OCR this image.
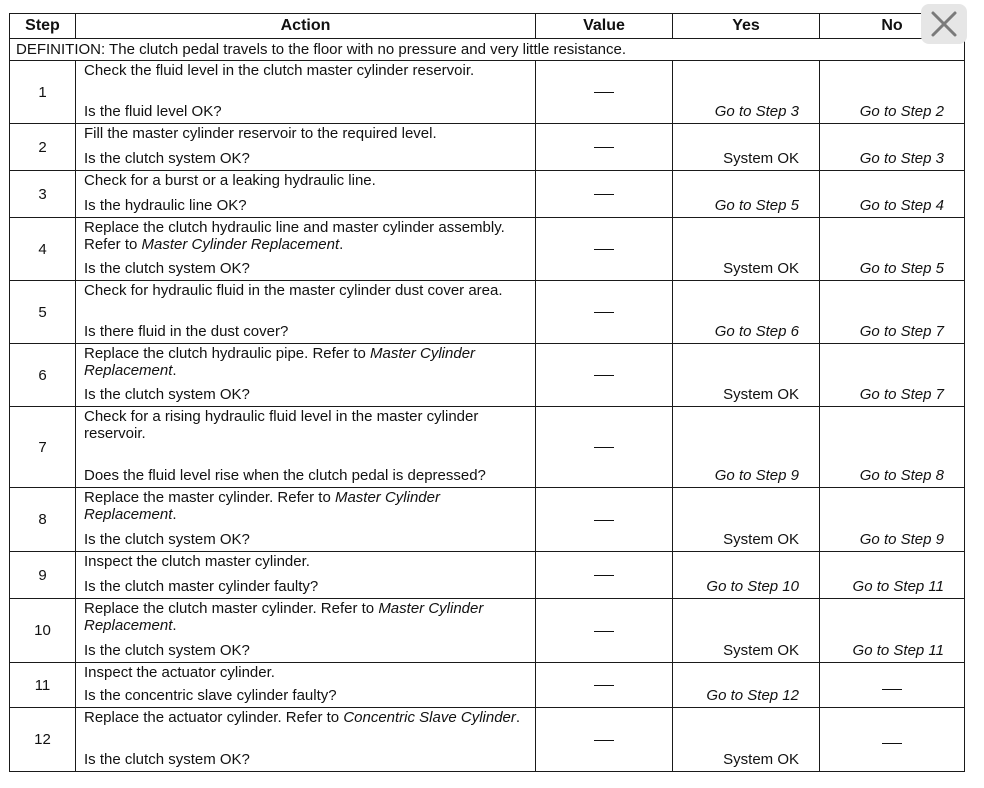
Step	Action	Value	Yes	No
DEFINITION: The clutch pedal travels to the floor with no pressure and very little resistance.				
1	Check the fluid level in the clutch master cylinder reservoir.
Is the fluid level OK?		Go to Step 3	Go to Step 2
2	Fill the master cylinder reservoir to the required level.
Is the clutch system OK?		System OK	Go to Step 3
3	Check for a burst or a leaking hydraulic line.
Is the hydraulic line OK?		Go to Step 5	Go to Step 4
4	Replace the clutch hydraulic line and master cylinder assembly. Refer to Master Cylinder Replacement.
Is the clutch system OK?		System OK	Go to Step 5
5	Check for hydraulic fluid in the master cylinder dust cover area.
Is there fluid in the dust cover?		Go to Step 6	Go to Step 7
6	Replace the clutch hydraulic pipe. Refer to Master Cylinder Replacement.
Is the clutch system OK?		System OK	Go to Step 7
7	Check for a rising hydraulic fluid level in the master cylinder reservoir.
Does the fluid level rise when the clutch pedal is depressed?		Go to Step 9	Go to Step 8
8	Replace the master cylinder. Refer to Master Cylinder Replacement.
Is the clutch system OK?		System OK	Go to Step 9
9	Inspect the clutch master cylinder.
Is the clutch master cylinder faulty?		Go to Step 10	Go to Step 11
10	Replace the clutch master cylinder. Refer to Master Cylinder Replacement.
Is the clutch system OK?		System OK	Go to Step 11
11	Inspect the actuator cylinder.
Is the concentric slave cylinder faulty?		Go to Step 12	
12	Replace the actuator cylinder. Refer to Concentric Slave Cylinder.
Is the clutch system OK?		System OK	
